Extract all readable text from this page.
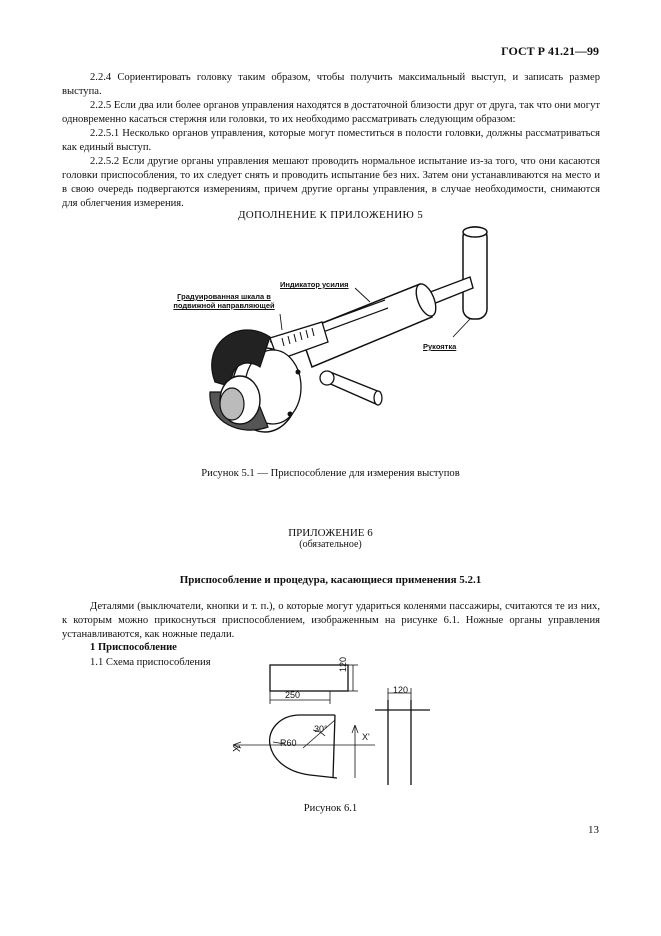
ГОСТ Р 41.21—99
2.2.4 Сориентировать головку таким образом, чтобы получить максимальный выступ, и записать размер выступа.
2.2.5 Если два или более органов управления находятся в достаточной близости друг от друга, так что они могут одновременно касаться стержня или головки, то их необходимо рассматривать следующим образом:
2.2.5.1 Несколько органов управления, которые могут поместиться в полости головки, должны рассматриваться как единый выступ.
2.2.5.2 Если другие органы управления мешают проводить нормальное испытание из-за того, что они касаются головки приспособления, то их следует снять и проводить испытание без них. Затем они устанавливаются на место и в свою очередь подвергаются измерениям, причем другие органы управления, в случае необходимости, снимаются для облегчения измерения.
ДОПОЛНЕНИЕ К ПРИЛОЖЕНИЮ 5
Градуированная шкала в подвижной направляющей
Индикатор усилия
Рукоятка
Рисунок 5.1 — Приспособление для измерения выступов
ПРИЛОЖЕНИЕ 6
(обязательное)
Приспособление и процедура, касающиеся применения 5.2.1
Деталями (выключатели, кнопки и т. п.), о которые могут удариться коленями пассажиры, считаются те из них, к которым можно прикоснуться приспособлением, изображенным на рисунке 6.1. Ножные органы управления устанавливаются, как ножные педали.
1 Приспособление
1.1 Схема приспособления	120
250	120
30°
R60
X
X'
Рисунок 6.1
13
